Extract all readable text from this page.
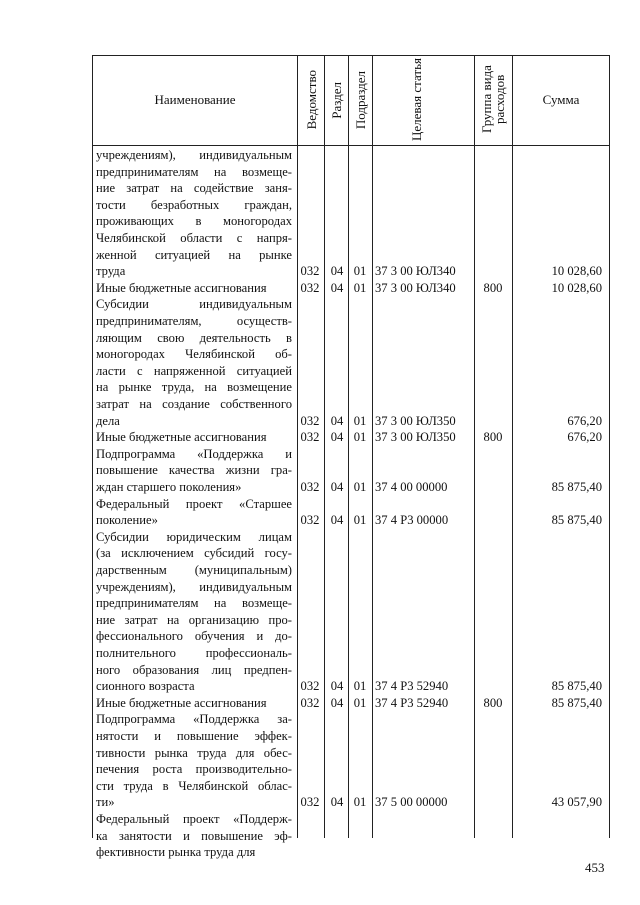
Наименование	Ведомство Раздел Подраздел	Целевая статья	Группа вида расходов	Сумма
учреждениям), индивидуальным
предпринимателям на возмеще-
ние затрат на содействие заня-
тости безработных граждан,
проживающих в моногородах
Челябинской области с напря-
женной ситуацией на рынке
труда	032 04 01 37 3 00 ЮЛ340	10 028,60
Иные бюджетные ассигнования	032 04 01 37 3 00 ЮЛ340	800	10 028,60
Субсидии индивидуальным
предпринимателям, осуществ-
ляющим свою деятельность в
моногородах Челябинской об-
ласти с напряженной ситуацией
на рынке труда, на возмещение
затрат на создание собственного
дела	032 04 01 37 3 00 ЮЛ350	676,20
Иные бюджетные ассигнования	032 04 01 37 3 00 ЮЛ350	800	676,20
Подпрограмма «Поддержка и
повышение качества жизни гра-
ждан старшего поколения»	032 04 01 37 4 00 00000	85 875,40
Федеральный проект «Старшее
поколение»	032 04 01 37 4 P3 00000	85 875,40
Субсидии юридическим лицам
(за исключением субсидий госу-
дарственным (муниципальным)
учреждениям), индивидуальным
предпринимателям на возмеще-
ние затрат на организацию про-
фессионального обучения и до-
полнительного профессиональ-
ного образования лиц предпен-
сионного возраста	032 04 01 37 4 P3 52940	85 875,40
Иные бюджетные ассигнования	032 04 01 37 4 P3 52940	800	85 875,40
Подпрограмма «Поддержка за-
нятости и повышение эффек-
тивности рынка труда для обес-
печения роста производительно-
сти труда в Челябинской облас-
ти»	032 04 01 37 5 00 00000	43 057,90
Федеральный проект «Поддерж-
ка занятости и повышение эф-
фективности рынка труда для
453
